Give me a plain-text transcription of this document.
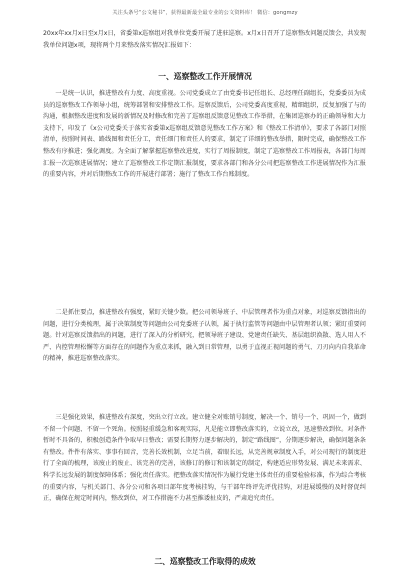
关注头条号“公文秘书”，获得最新最全最专业的公文资料库！ 微信：gongmzy
20xx年xx月x日至x月x日，省委第x巡察组对我单位党委开展了进驻巡察。x月x日召开了巡察整改问题反馈会，共发现我单位问题x项，现将两个月来整改落实情况汇报如下：
一、巡察整改工作开展情况
一是统一认识，推进整改有力度、高度重视。公司党委成立了由党委书记任组长、总经理任副组长，党委委员为成员的巡察整改工作领导小组，统筹部署和安排整改工作。巡察反馈后，公司党委高度重视，精细组织，反复加强了与的沟通，根据整改进度和发展的新情况及时修改和完善了巡察组反馈意见整改工作举措，在集团巡察办的正确领导和大力支持下，印发了《x公司党委关于落实省委第x巡察组反馈意见整改工作方案》和《整改工作清单》，要求了各部门对照清单，按照时间表、路线图和责任分工，责任细门和责任人的要求，制定了详细的整改举措，限时完成，确保整改工作整改有序推进；强化调度。为全面了解掌握巡察整改进度，实行了周报制度，制定了巡察整改工作周报表，各部门每周汇报一次巡察进展情况；建立了巡察整改工作定期汇报制度，要求各部门和各分公司把巡察整改工作进展情况作为汇报的重要内容，并对后期整改工作的开展进行部署；施行了整改工作台账制度。
二是抓住要点，推进整改有强度，紧盯关键少数。把公司领导班子、中层管理者作为重点对象，对巡察反馈指出的问题，进行分类梳理，属于决策制度等问题由公司党委班子认领，属于执行监管等问题由中层管理者认领；紧盯重要问题。针对巡察反馈指出的问题，进行了深入的分析研究，把领导班子建设、党建责任缺失、基层组织涣散、选人用人不严、内控管理松懈等方面存在的问题作为重点来抓，融入到日常管理，以勇于直视正视问题的勇气、刀刃向内自我革命的精神，推进巡察整改落实。
三是强化效果，推进整改有深度，突出立行立改。建立健全对账销号制度，解决一个、销号一个、巩固一个，做到不留一个问题、不留一个死角。按照轻重缓急和客观实际，凡是能立即整改落实的，立说立改，迅速整改到位。对条件暂时不具备的，积极创造条件争取早日整改；需要长期努力逐步解决的，制定“路线图”，分期逐步解决，确保问题条条有整改。件件有落实、事事有回音，完善长效机制，立足当前，着眼长远，从完善规章制度入手，对公司现行的制度进行了全面的梳理，该废止的废止、该完善的完善，该修订的修订和该制定的制定，构建适应形势发展、满足未来需求、科学长远发展的制度保障体系；强化责任落实。把整改落实情况作为履行党建主体责任的重要检验标准，作为综合考核的重要内容，与机关部门、各分公司和各项目部年度考核挂钩，与干部年终评先评优挂钩，对进展缓慢的及时督促纠正，确保在规定时间内，整改到位，对工作措施不力甚至推诿扯皮的，严肃追究责任。
二、巡察整改工作取得的成效
